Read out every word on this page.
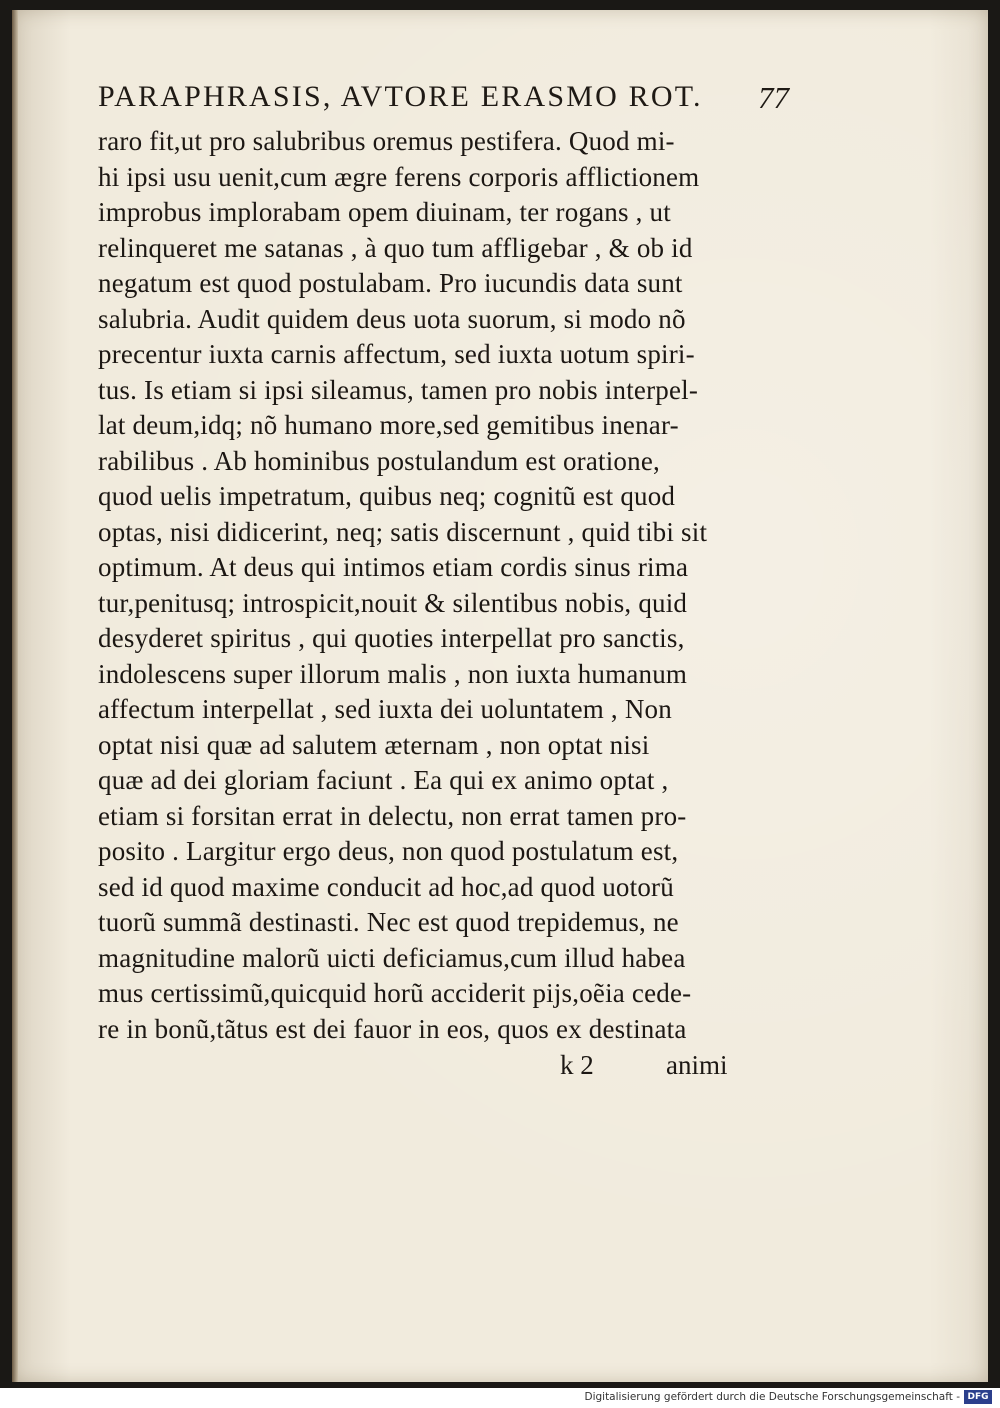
PARAPHRASIS, AVTORE ERASMO ROT. 77
raro fit,ut pro salubribus oremus pestifera. Quod mi-
hi ipsi usu uenit,cum ægre ferens corporis afflictionem
improbus implorabam opem diuinam, ter rogans , ut
relinqueret me satanas , à quo tum affligebar , & ob id
negatum est quod postulabam. Pro iucundis data sunt
salubria. Audit quidem deus uota suorum, si modo nõ
precentur iuxta carnis affectum, sed iuxta uotum spiri-
tus. Is etiam si ipsi sileamus, tamen pro nobis interpel-
lat deum,idq; nõ humano more,sed gemitibus inenar-
rabilibus . Ab hominibus postulandum est oratione,
quod uelis impetratum, quibus neq; cognitũ est quod
optas, nisi didicerint, neq; satis discernunt , quid tibi sit
optimum. At deus qui intimos etiam cordis sinus rima
tur,penitusq; introspicit,nouit & silentibus nobis, quid
desyderet spiritus , qui quoties interpellat pro sanctis,
indolescens super illorum malis , non iuxta humanum
affectum interpellat , sed iuxta dei uoluntatem , Non
optat nisi quæ ad salutem æternam , non optat nisi
quæ ad dei gloriam faciunt . Ea qui ex animo optat ,
etiam si forsitan errat in delectu, non errat tamen pro-
posito . Largitur ergo deus, non quod postulatum est,
sed id quod maxime conducit ad hoc,ad quod uotorũ
tuorũ summã destinasti. Nec est quod trepidemus, ne
magnitudine malorũ uicti deficiamus,cum illud habea
mus certissimũ,quicquid horũ acciderit pijs,oẽia cede-
re in bonũ,tãtus est dei fauor in eos, quos ex destinata
k 2	animi
Digitalisierung gefördert durch die Deutsche Forschungsgemeinschaft - DFG
